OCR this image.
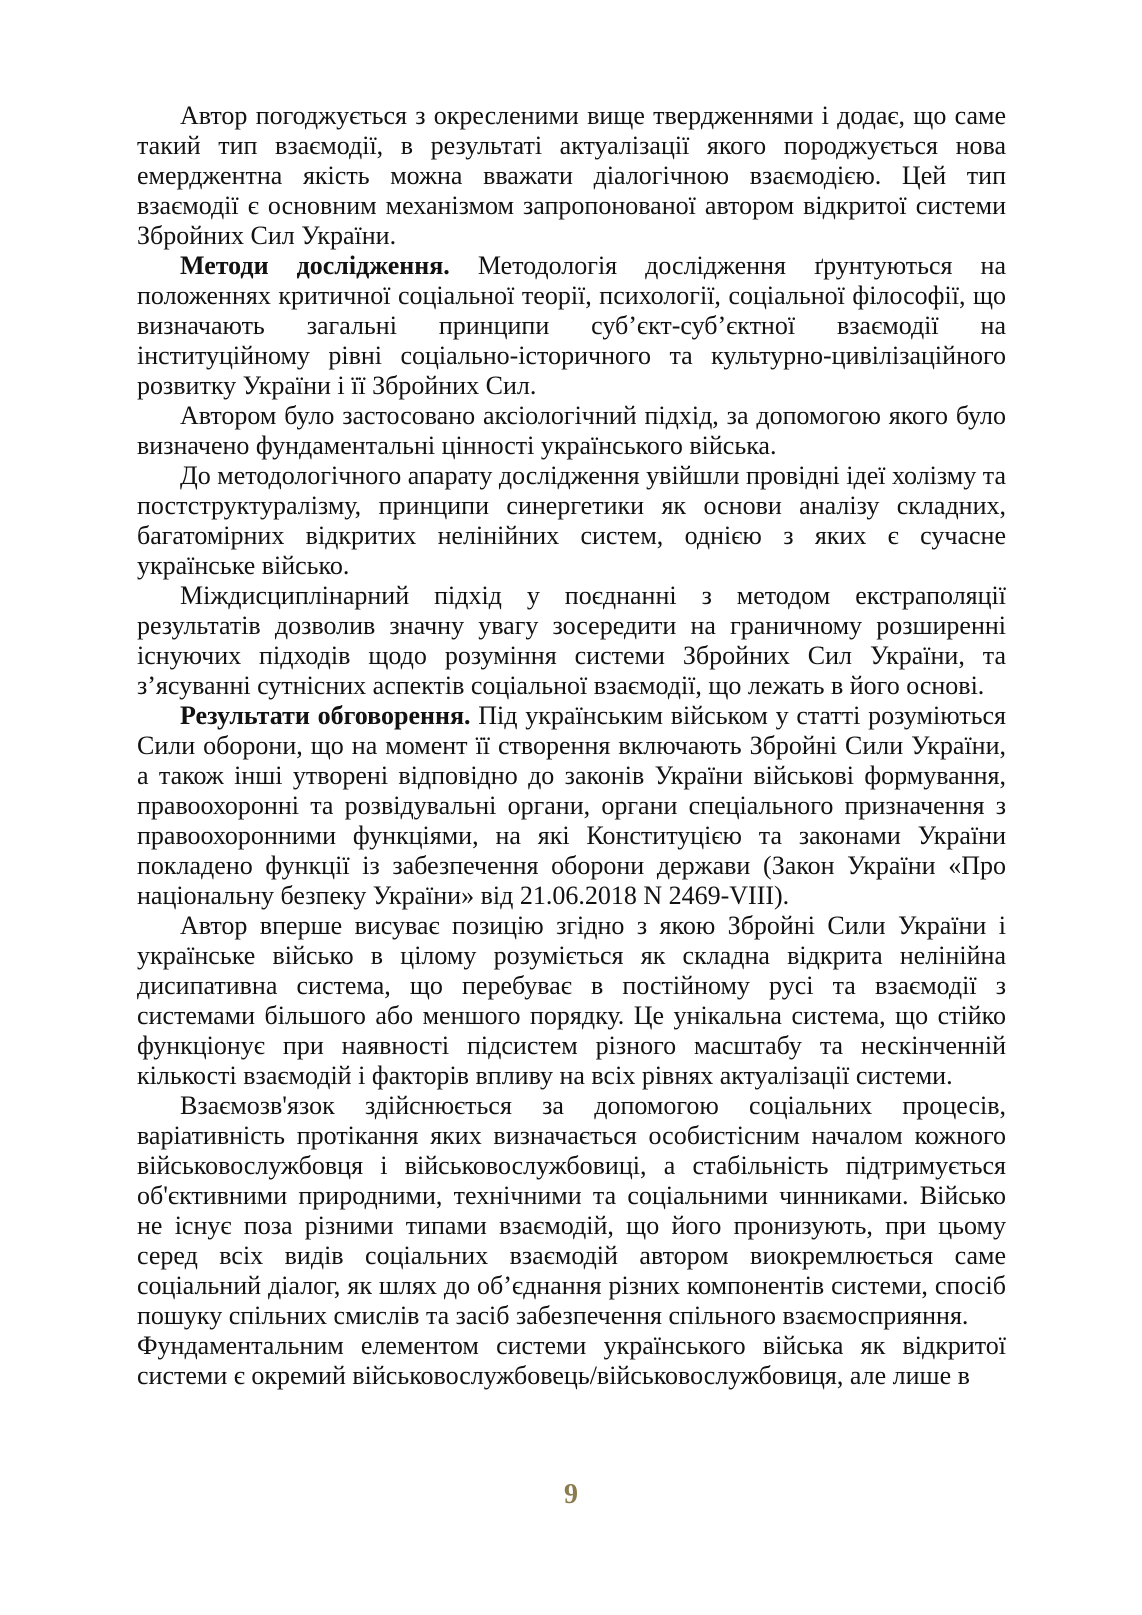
Автор погоджується з окресленими вище твердженнями і додає, що саме такий тип взаємодії, в результаті актуалізації якого породжується нова емерджентна якість можна вважати діалогічною взаємодією. Цей тип взаємодії є основним механізмом запропонованої автором відкритої системи Збройних Сил України.

Методи дослідження. Методологія дослідження ґрунтуються на положеннях критичної соціальної теорії, психології, соціальної філософії, що визначають загальні принципи суб’єкт-суб’єктної взаємодії на інституційному рівні соціально-історичного та культурно-цивілізаційного розвитку України і її Збройних Сил.

Автором було застосовано аксіологічний підхід, за допомогою якого було визначено фундаментальні цінності українського війська.

До методологічного апарату дослідження увійшли провідні ідеї холізму та постструктуралізму, принципи синергетики як основи аналізу складних, багатомірних відкритих нелінійних систем, однією з яких є сучасне українське військо.

Міждисциплінарний підхід у поєднанні з методом екстраполяції результатів дозволив значну увагу зосередити на граничному розширенні існуючих підходів щодо розуміння системи Збройних Сил України, та з’ясуванні сутнісних аспектів соціальної взаємодії, що лежать в його основі.

Результати обговорення. Під українським військом у статті розуміються Сили оборони, що на момент її створення включають Збройні Сили України, а також інші утворені відповідно до законів України військові формування, правоохоронні та розвідувальні органи, органи спеціального призначення з правоохоронними функціями, на які Конституцією та законами України покладено функції із забезпечення оборони держави (Закон України «Про національну безпеку України» від 21.06.2018 N 2469-VIII).

Автор вперше висуває позицію згідно з якою Збройні Сили України і українське військо в цілому розуміється як складна відкрита нелінійна дисипативна система, що перебуває в постійному русі та взаємодії з системами більшого або меншого порядку. Це унікальна система, що стійко функціонує при наявності підсистем різного масштабу та нескінченній кількості взаємодій і факторів впливу на всіх рівнях актуалізації системи.

Взаємозв'язок здійснюється за допомогою соціальних процесів, варіативність протікання яких визначається особистісним началом кожного військовослужбовця і військовослужбовиці, а стабільність підтримується об'єктивними природними, технічними та соціальними чинниками. Військо не існує поза різними типами взаємодій, що його пронизують, при цьому серед всіх видів соціальних взаємодій автором виокремлюється саме соціальний діалог, як шлях до об’єднання різних компонентів системи, спосіб пошуку спільних смислів та засіб забезпечення спільного взаємосприяння.

Фундаментальним елементом системи українського війська як відкритої системи є окремий військовослужбовець/військовослужбовиця, але лише в

9
